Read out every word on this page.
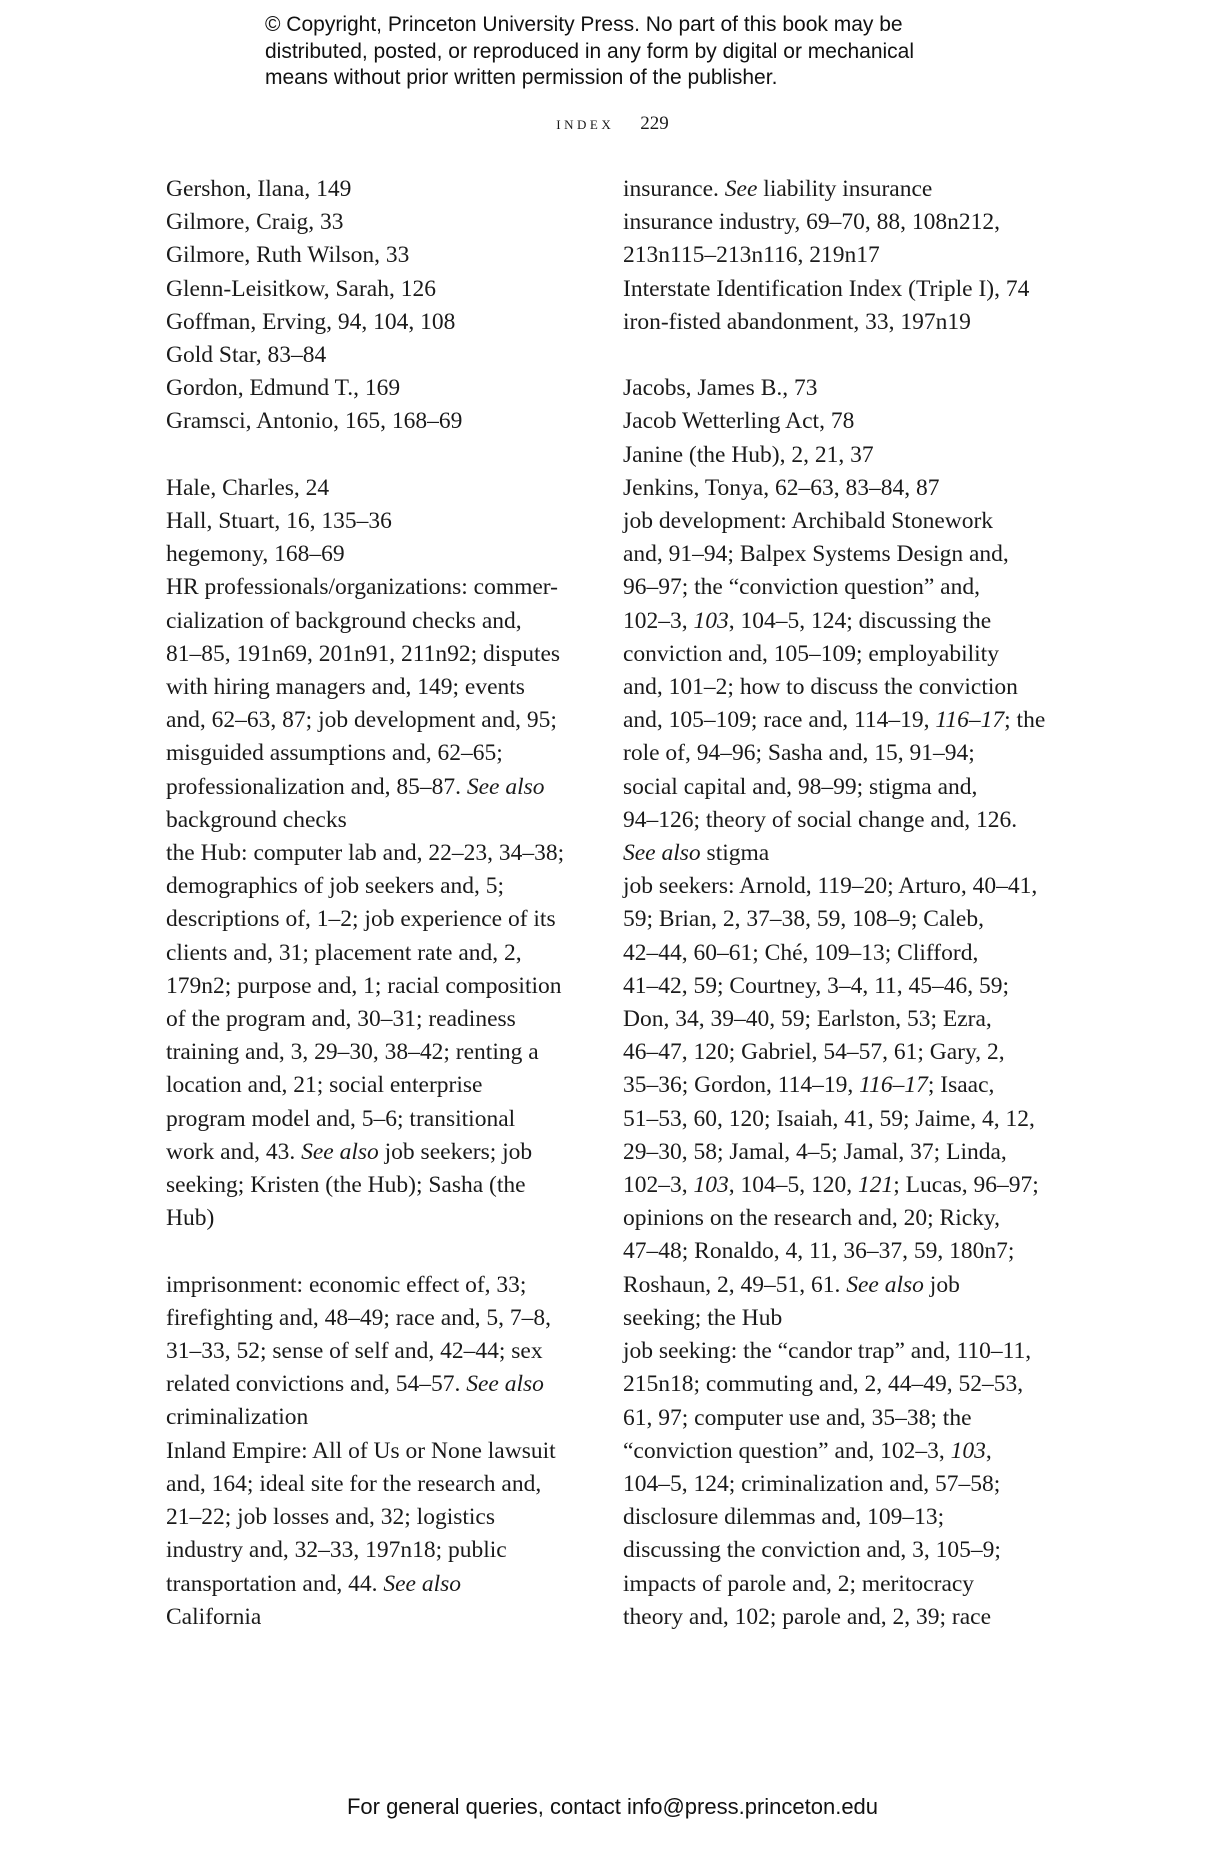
© Copyright, Princeton University Press. No part of this book may be
distributed, posted, or reproduced in any form by digital or mechanical
means without prior written permission of the publisher.
index 229

Gershon, Ilana, 149

Gilmore, Craig, 33

Gilmore, Ruth Wilson, 33

Glenn-Leisitkow, Sarah, 126

Goffman, Erving, 94, 104, 108

Gold Star, 83–84

Gordon, Edmund T., 169

Gramsci, Antonio, 165, 168–69

Hale, Charles, 24

Hall, Stuart, 16, 135–36

hegemony, 168–69

HR professionals/organizations: commer-
cialization of background checks and,
81–85, 191n69, 201n91, 211n92; disputes
with hiring managers and, 149; events
and, 62–63, 87; job development and, 95;
misguided assumptions and, 62–65;
professionalization and, 85–87. See also
background checks

the Hub: computer lab and, 22–23, 34–38;
demographics of job seekers and, 5;
descriptions of, 1–2; job experience of its
clients and, 31; placement rate and, 2,
179n2; purpose and, 1; racial composition
of the program and, 30–31; readiness
training and, 3, 29–30, 38–42; renting a
location and, 21; social enterprise
program model and, 5–6; transitional
work and, 43. See also job seekers; job
seeking; Kristen (the Hub); Sasha (the
Hub)

imprisonment: economic effect of, 33;
firefighting and, 48–49; race and, 5, 7–8,
31–33, 52; sense of self and, 42–44; sex
related convictions and, 54–57. See also
criminalization

Inland Empire: All of Us or None lawsuit
and, 164; ideal site for the research and,
21–22; job losses and, 32; logistics
industry and, 32–33, 197n18; public
transportation and, 44. See also
California

insurance. See liability insurance

insurance industry, 69–70, 88, 108n212,
213n115–213n116, 219n17

Interstate Identification Index (Triple I), 74

iron-fisted abandonment, 33, 197n19

Jacobs, James B., 73

Jacob Wetterling Act, 78

Janine (the Hub), 2, 21, 37

Jenkins, Tonya, 62–63, 83–84, 87

job development: Archibald Stonework
and, 91–94; Balpex Systems Design and,
96–97; the “conviction question” and,
102–3, 103, 104–5, 124; discussing the
conviction and, 105–109; employability
and, 101–2; how to discuss the conviction
and, 105–109; race and, 114–19, 116–17; the
role of, 94–96; Sasha and, 15, 91–94;
social capital and, 98–99; stigma and,
94–126; theory of social change and, 126.
See also stigma

job seekers: Arnold, 119–20; Arturo, 40–41,
59; Brian, 2, 37–38, 59, 108–9; Caleb,
42–44, 60–61; Ché, 109–13; Clifford,
41–42, 59; Courtney, 3–4, 11, 45–46, 59;
Don, 34, 39–40, 59; Earlston, 53; Ezra,
46–47, 120; Gabriel, 54–57, 61; Gary, 2,
35–36; Gordon, 114–19, 116–17; Isaac,
51–53, 60, 120; Isaiah, 41, 59; Jaime, 4, 12,
29–30, 58; Jamal, 4–5; Jamal, 37; Linda,
102–3, 103, 104–5, 120, 121; Lucas, 96–97;
opinions on the research and, 20; Ricky,
47–48; Ronaldo, 4, 11, 36–37, 59, 180n7;
Roshaun, 2, 49–51, 61. See also job
seeking; the Hub

job seeking: the “candor trap” and, 110–11,
215n18; commuting and, 2, 44–49, 52–53,
61, 97; computer use and, 35–38; the
“conviction question” and, 102–3, 103,
104–5, 124; criminalization and, 57–58;
disclosure dilemmas and, 109–13;
discussing the conviction and, 3, 105–9;
impacts of parole and, 2; meritocracy
theory and, 102; parole and, 2, 39; race

For general queries, contact info@press.princeton.edu
